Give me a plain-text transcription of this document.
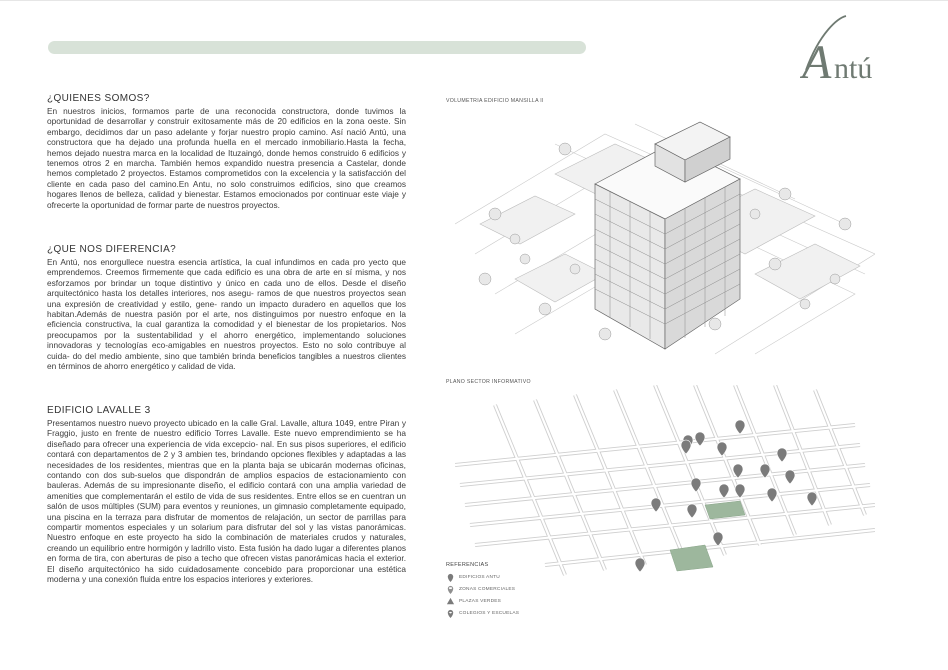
A ntú
¿QUIENES SOMOS?

En nuestros inicios, formamos parte de una reconocida constructora, donde tuvimos la oportunidad de desarrollar y construir exitosamente más de 20 edificios en la zona oeste. Sin embargo, decidimos dar un paso adelante y forjar nuestro propio camino. Así nació Antú, una constructora que ha dejado una profunda huella en el mercado inmobiliario.Hasta la fecha, hemos dejado nuestra marca en la localidad de Ituzaingó, donde hemos construido 6 edificios y tenemos otros 2 en marcha. También hemos expandido nuestra presencia a Castelar, donde hemos completado 2 proyectos. Estamos comprometidos con la excelencia y la satisfacción del cliente en cada paso del camino.En Antu, no solo construimos edificios, sino que creamos hogares llenos de belleza, calidad y bienestar. Estamos emocionados por continuar este viaje y ofrecerte la oportunidad de formar parte de nuestros proyectos.

¿QUE NOS DIFERENCIA?

En Antú, nos enorgullece nuestra esencia artística, la cual infundimos en cada pro yecto que emprendemos. Creemos firmemente que cada edificio es una obra de arte en sí misma, y nos esforzamos por brindar un toque distintivo y único en cada uno de ellos. Desde el diseño arquitectónico hasta los detalles interiores, nos asegu- ramos de que nuestros proyectos sean una expresión de creatividad y estilo, gene- rando un impacto duradero en aquellos que los habitan.Además de nuestra pasión por el arte, nos distinguimos por nuestro enfoque en la eficiencia constructiva, la cual garantiza la comodidad y el bienestar de los propietarios. Nos preocupamos por la sustentabilidad y el ahorro energético, implementando soluciones innovadoras y tecnologías eco-amigables en nuestros proyectos. Esto no solo contribuye al cuida- do del medio ambiente, sino que también brinda beneficios tangibles a nuestros clientes en términos de ahorro energético y calidad de vida.

EDIFICIO LAVALLE 3

Presentamos nuestro nuevo proyecto ubicado en la calle Gral. Lavalle, altura 1049, entre Piran y Fraggio, justo en frente de nuestro edificio Torres Lavalle. Este nuevo emprendimiento se ha diseñado para ofrecer una experiencia de vida excepcio- nal. En sus pisos superiores, el edificio contará con departamentos de 2 y 3 ambien tes, brindando opciones flexibles y adaptadas a las necesidades de los residentes, mientras que en la planta baja se ubicarán modernas oficinas, contando con dos sub-suelos que dispondrán de amplios espacios de estacionamiento con bauleras. Además de su impresionante diseño, el edificio contará con una amplia variedad de amenities que complementarán el estilo de vida de sus residentes. Entre ellos se en cuentran un salón de usos múltiples (SUM) para eventos y reuniones, un gimnasio completamente equipado, una piscina en la terraza para disfrutar de momentos de relajación, un sector de parrillas para compartir momentos especiales y un solarium para disfrutar del sol y las vistas panorámicas. Nuestro enfoque en este proyecto ha sido la combinación de materiales crudos y naturales, creando un equilibrio entre hormigón y ladrillo visto. Esta fusión ha dado lugar a diferentes planos en forma de tira, con aberturas de piso a techo que ofrecen vistas panorámicas hacia el exterior. El diseño arquitectónico ha sido cuidadosamente concebido para proporcionar una estética moderna y una conexión fluida entre los espacios interiores y exteriores.

VOLUMETRIA EDIFICIO MANSILLA II
PLANO SECTOR INFORMATIVO
REFERENCIAS
EDIFICIOS ANTU
ZONAS COMERCIALES
PLAZAS VERDES
COLEGIOS Y ESCUELAS
